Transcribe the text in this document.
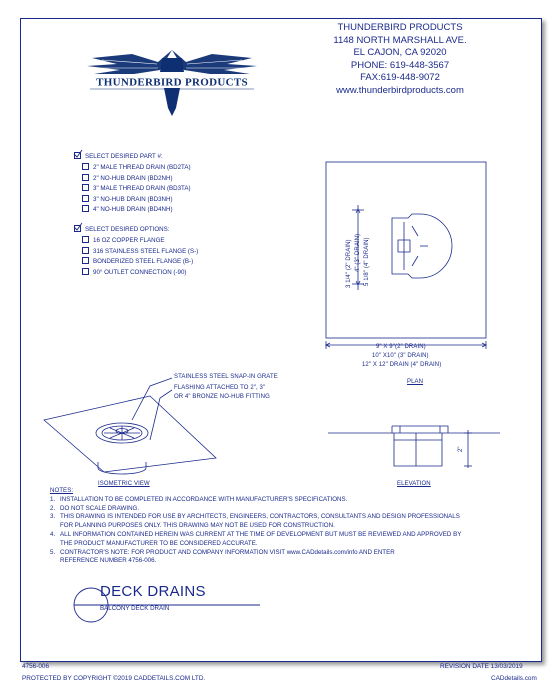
THUNDERBIRD PRODUCTS
THUNDERBIRD PRODUCTS
1148 NORTH MARSHALL AVE.
EL CAJON, CA 92020
PHONE: 619-448-3567
FAX:619-448-9072
www.thunderbirdproducts.com
SELECT DESIRED PART #:
2" MALE THREAD DRAIN (BD2TA)
2" NO-HUB DRAIN (BD2NH)
3" MALE THREAD DRAIN (BD3TA)
3" NO-HUB DRAIN (BD3NH)
4" NO-HUB DRAIN (BD4NH)
SELECT DESIRED OPTIONS:
16 OZ COPPER FLANGE
316 STAINLESS STEEL FLANGE (S-)
BONDERIZED STEEL FLANGE (B-)
90° OUTLET CONNECTION (-90)	3 1/4" (2" DRAIN) 4" (3" DRAIN) 5 1/8" (4" DRAIN)
9" X 9"(2" DRAIN)
10" X10" (3" DRAIN)
12" X 12" DRAIN (4" DRAIN)
PLAN
STAINLESS STEEL SNAP-IN GRATE
FLASHING ATTACHED TO 2", 3"
OR 4" BRONZE NO-HUB FITTING
ISOMETRIC VIEW
2"
ELEVATION
NOTES:
1. INSTALLATION TO BE COMPLETED IN ACCORDANCE WITH MANUFACTURER'S SPECIFICATIONS.
2. DO NOT SCALE DRAWING.
3. THIS DRAWING IS INTENDED FOR USE BY ARCHITECTS, ENGINEERS, CONTRACTORS, CONSULTANTS AND DESIGN PROFESSIONALS
FOR PLANNING PURPOSES ONLY. THIS DRAWING MAY NOT BE USED FOR CONSTRUCTION.
4. ALL INFORMATION CONTAINED HEREIN WAS CURRENT AT THE TIME OF DEVELOPMENT BUT MUST BE REVIEWED AND APPROVED BY
THE PRODUCT MANUFACTURER TO BE CONSIDERED ACCURATE.
5. CONTRACTOR'S NOTE: FOR PRODUCT AND COMPANY INFORMATION VISIT www.CADdetails.com/info AND ENTER
REFERENCE NUMBER 4756-006.
DECK DRAINS
BALCONY DECK DRAIN
4756-006	REVISION DATE 13/03/2019
PROTECTED BY COPYRIGHT ©2019 CADDETAILS.COM LTD.	CADdetails.com
